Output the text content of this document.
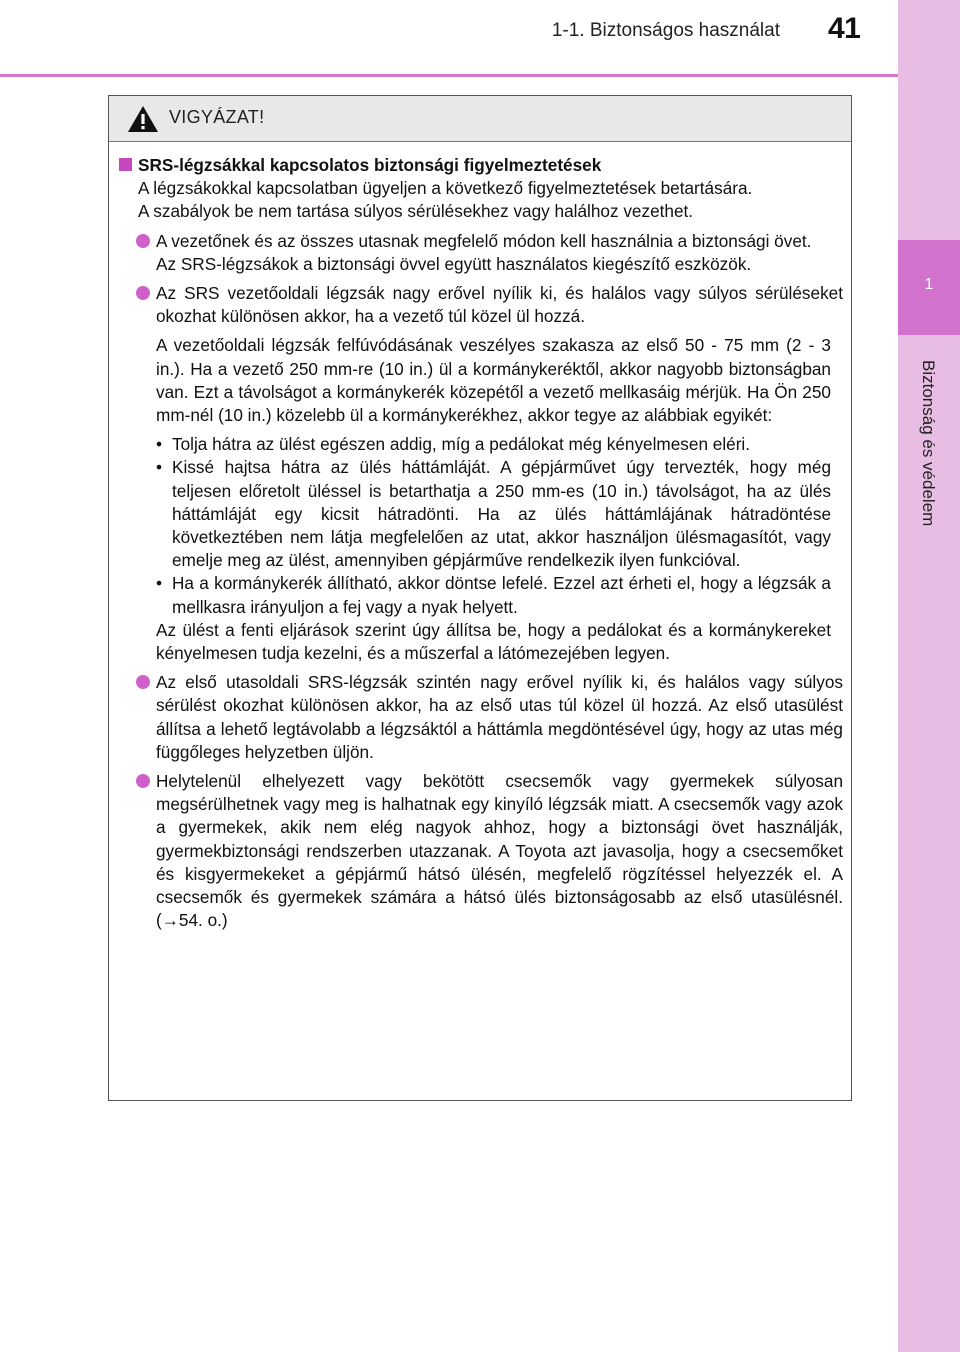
1-1. Biztonságos használat 41
1
Biztonság és védelem
VIGYÁZAT!
SRS-légzsákkal kapcsolatos biztonsági figyelmeztetések
A légzsákokkal kapcsolatban ügyeljen a következő figyelmeztetések betartására.
A szabályok be nem tartása súlyos sérülésekhez vagy halálhoz vezethet.
A vezetőnek és az összes utasnak megfelelő módon kell használnia a biztonsági övet.
Az SRS-légzsákok a biztonsági övvel együtt használatos kiegészítő eszközök.
Az SRS vezetőoldali légzsák nagy erővel nyílik ki, és halálos vagy súlyos sérüléseket okozhat különösen akkor, ha a vezető túl közel ül hozzá.
A vezetőoldali légzsák felfúvódásának veszélyes szakasza az első 50 - 75 mm (2 - 3 in.). Ha a vezető 250 mm-re (10 in.) ül a kormánykeréktől, akkor nagyobb biztonságban van. Ezt a távolságot a kormánykerék közepétől a vezető mellkasáig mérjük. Ha Ön 250 mm-nél (10 in.) közelebb ül a kormánykerékhez, akkor tegye az alábbiak egyikét:
• Tolja hátra az ülést egészen addig, míg a pedálokat még kényelmesen eléri.
• Kissé hajtsa hátra az ülés háttámláját. A gépjárművet úgy tervezték, hogy még teljesen előretolt üléssel is betarthatja a 250 mm-es (10 in.) távolságot, ha az ülés háttámláját egy kicsit hátradönti. Ha az ülés háttámlájának hátradöntése következtében nem látja megfelelően az utat, akkor használjon ülésmagasítót, vagy emelje meg az ülést, amennyiben gépjárműve rendelkezik ilyen funkcióval.
• Ha a kormánykerék állítható, akkor döntse lefelé. Ezzel azt érheti el, hogy a légzsák a mellkasra irányuljon a fej vagy a nyak helyett.
Az ülést a fenti eljárások szerint úgy állítsa be, hogy a pedálokat és a kormánykereket kényelmesen tudja kezelni, és a műszerfal a látómezejében legyen.
Az első utasoldali SRS-légzsák szintén nagy erővel nyílik ki, és halálos vagy súlyos sérülést okozhat különösen akkor, ha az első utas túl közel ül hozzá. Az első utasülést állítsa a lehető legtávolabb a légzsáktól a háttámla megdöntésével úgy, hogy az utas még függőleges helyzetben üljön.
Helytelenül elhelyezett vagy bekötött csecsemők vagy gyermekek súlyosan megsérülhetnek vagy meg is halhatnak egy kinyíló légzsák miatt. A csecsemők vagy azok a gyermekek, akik nem elég nagyok ahhoz, hogy a biztonsági övet használják, gyermekbiztonsági rendszerben utazzanak. A Toyota azt javasolja, hogy a csecsemőket és kisgyermekeket a gépjármű hátsó ülésén, megfelelő rögzítéssel helyezzék el. A csecsemők és gyermekek számára a hátsó ülés biztonságosabb az első utasülésnél. (→54. o.)
